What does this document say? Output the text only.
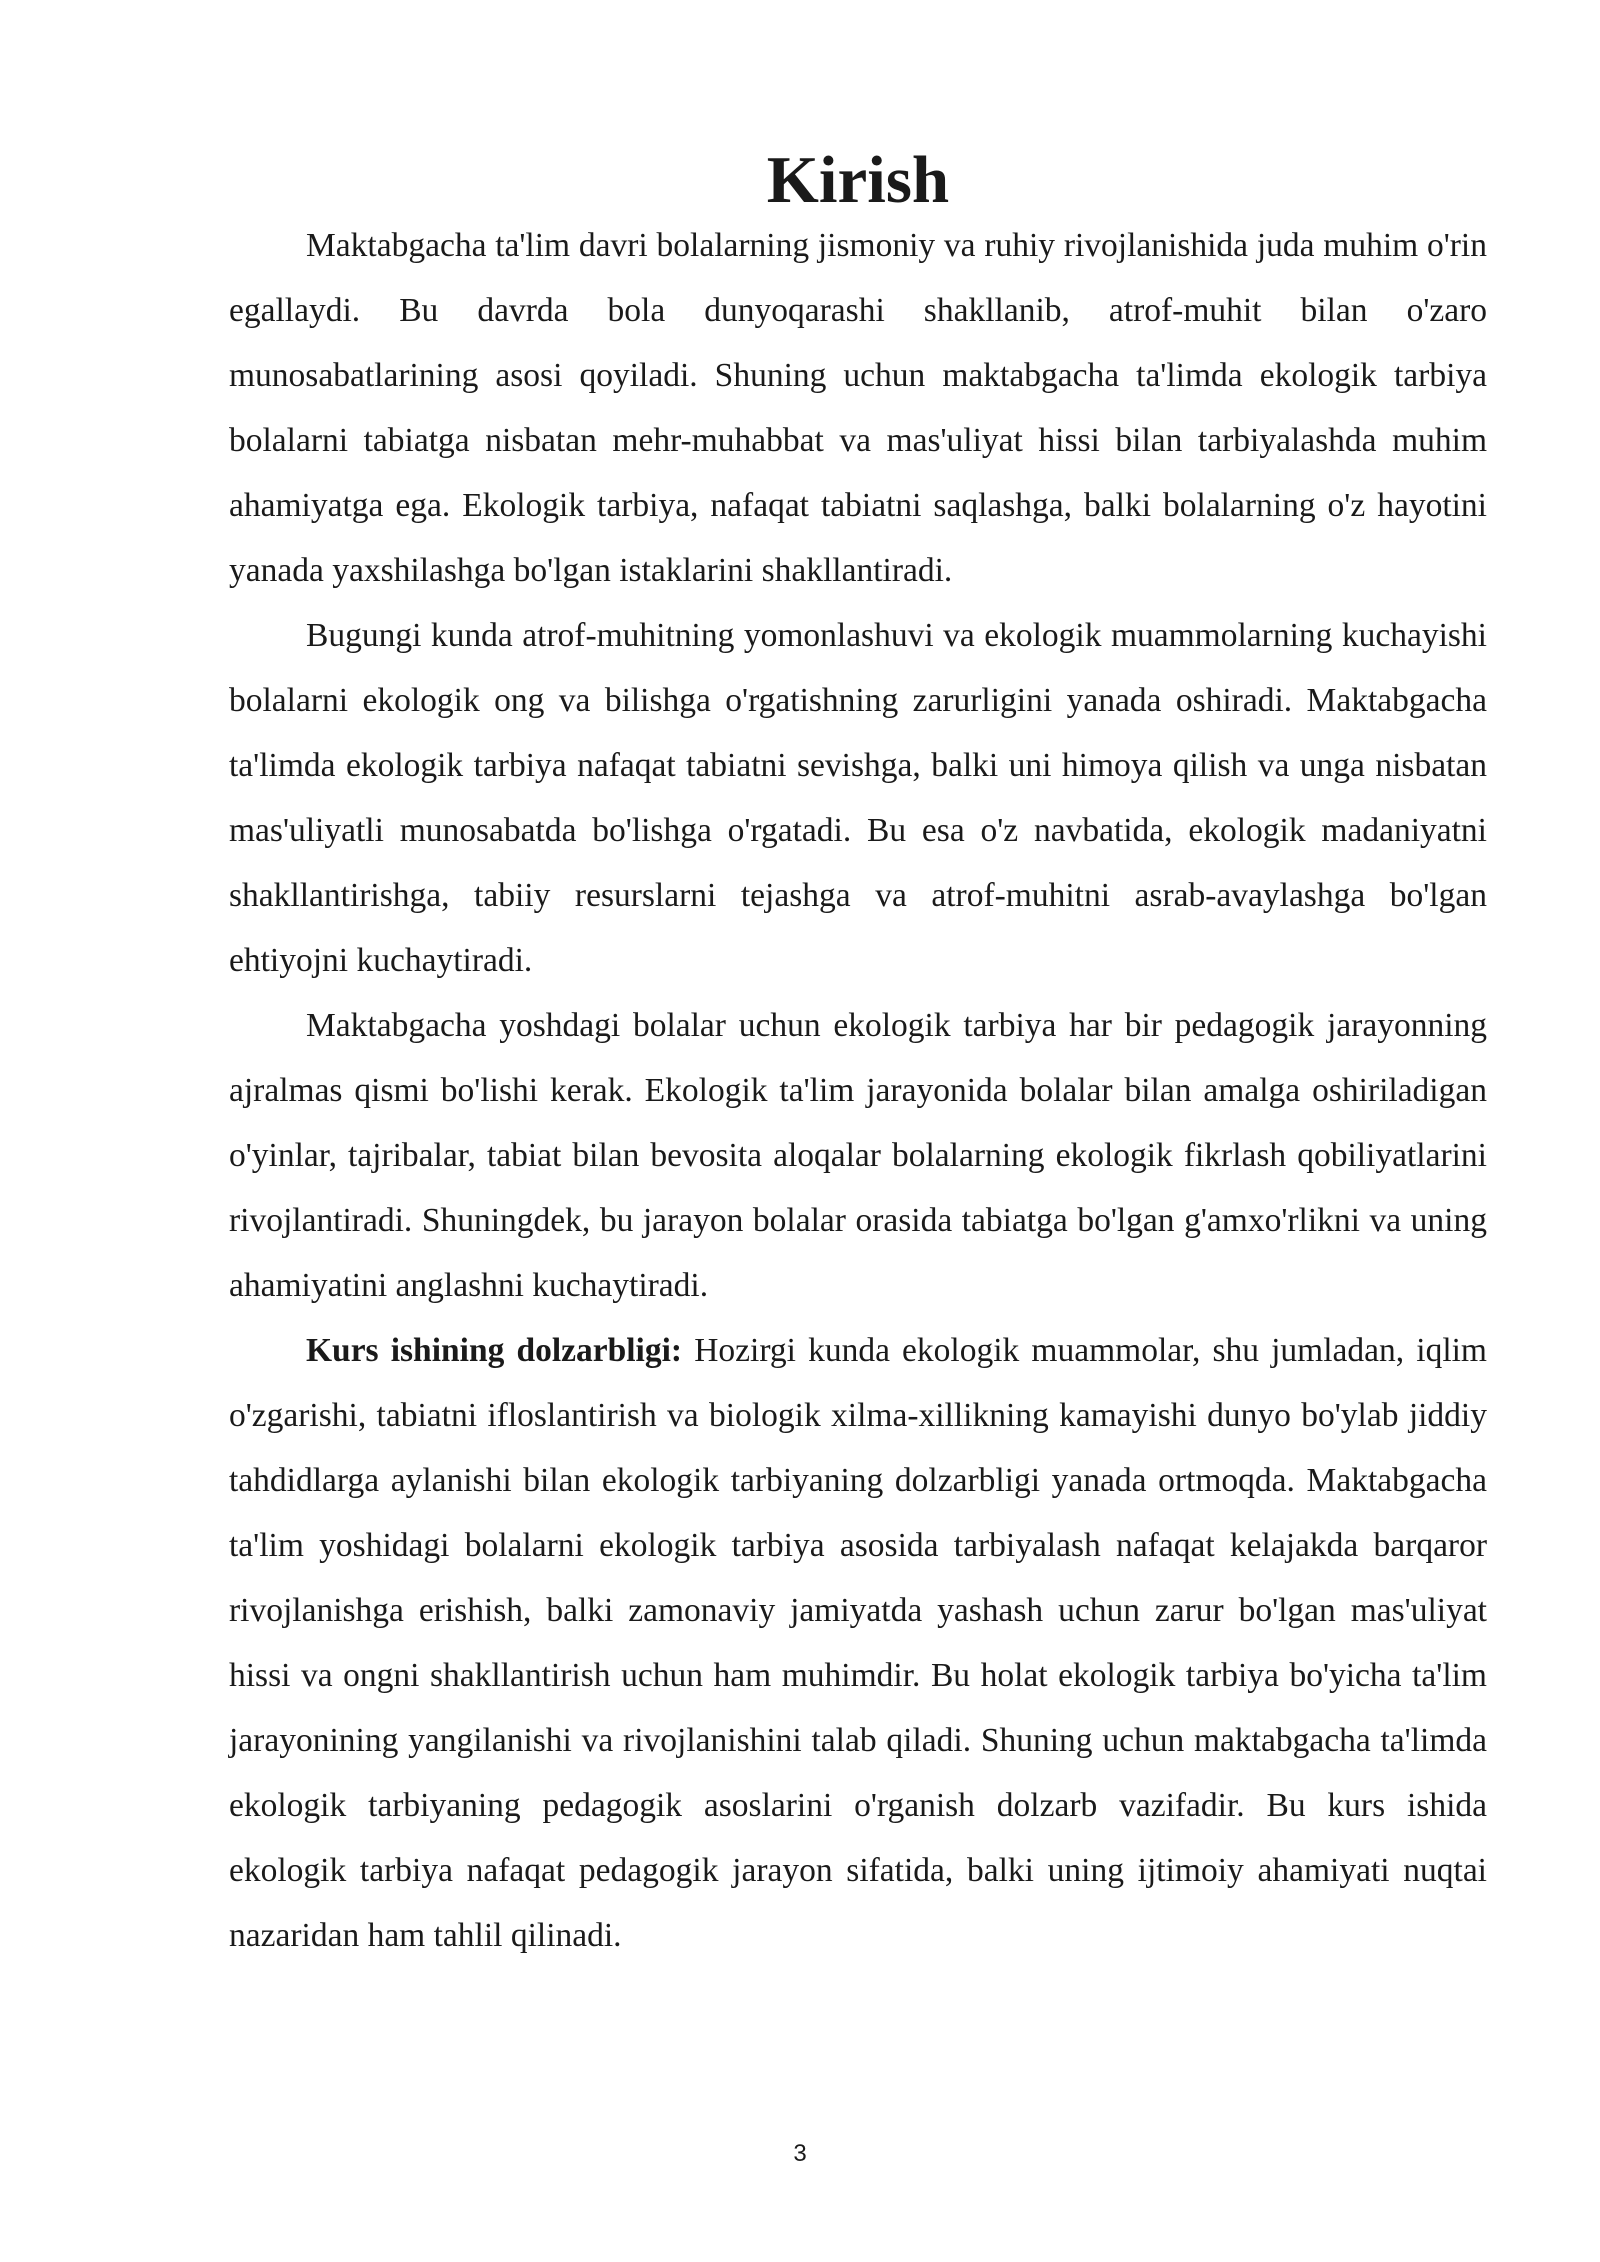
Kirish

Maktabgacha ta'lim davri bolalarning jismoniy va ruhiy rivojlanishida juda muhim o'rin egallaydi. Bu davrda bola dunyoqarashi shakllanib, atrof-muhit bilan o'zaro munosabatlarining asosi qoyiladi. Shuning uchun maktabgacha ta'limda ekologik tarbiya bolalarni tabiatga nisbatan mehr-muhabbat va mas'uliyat hissi bilan tarbiyalashda muhim ahamiyatga ega. Ekologik tarbiya, nafaqat tabiatni saqlashga, balki bolalarning o'z hayotini yanada yaxshilashga bo'lgan istaklarini shakllantiradi.

Bugungi kunda atrof-muhitning yomonlashuvi va ekologik muammolarning kuchayishi bolalarni ekologik ong va bilishga o'rgatishning zarurligini yanada oshiradi. Maktabgacha ta'limda ekologik tarbiya nafaqat tabiatni sevishga, balki uni himoya qilish va unga nisbatan mas'uliyatli munosabatda bo'lishga o'rgatadi. Bu esa o'z navbatida, ekologik madaniyatni shakllantirishga, tabiiy resurslarni tejashga va atrof-muhitni asrab-avaylashga bo'lgan ehtiyojni kuchaytiradi.

Maktabgacha yoshdagi bolalar uchun ekologik tarbiya har bir pedagogik jarayonning ajralmas qismi bo'lishi kerak. Ekologik ta'lim jarayonida bolalar bilan amalga oshiriladigan o'yinlar, tajribalar, tabiat bilan bevosita aloqalar bolalarning ekologik fikrlash qobiliyatlarini rivojlantiradi. Shuningdek, bu jarayon bolalar orasida tabiatga bo'lgan g'amxo'rlikni va uning ahamiyatini anglashni kuchaytiradi.

Kurs ishining dolzarbligi: Hozirgi kunda ekologik muammolar, shu jumladan, iqlim o'zgarishi, tabiatni ifloslantirish va biologik xilma-xillikning kamayishi dunyo bo'ylab jiddiy tahdidlarga aylanishi bilan ekologik tarbiyaning dolzarbligi yanada ortmoqda. Maktabgacha ta'lim yoshidagi bolalarni ekologik tarbiya asosida tarbiyalash nafaqat kelajakda barqaror rivojlanishga erishish, balki zamonaviy jamiyatda yashash uchun zarur bo'lgan mas'uliyat hissi va ongni shakllantirish uchun ham muhimdir. Bu holat ekologik tarbiya bo'yicha ta'lim jarayonining yangilanishi va rivojlanishini talab qiladi. Shuning uchun maktabgacha ta'limda ekologik tarbiyaning pedagogik asoslarini o'rganish dolzarb vazifadir. Bu kurs ishida ekologik tarbiya nafaqat pedagogik jarayon sifatida, balki uning ijtimoiy ahamiyati nuqtai nazaridan ham tahlil qilinadi.

3
